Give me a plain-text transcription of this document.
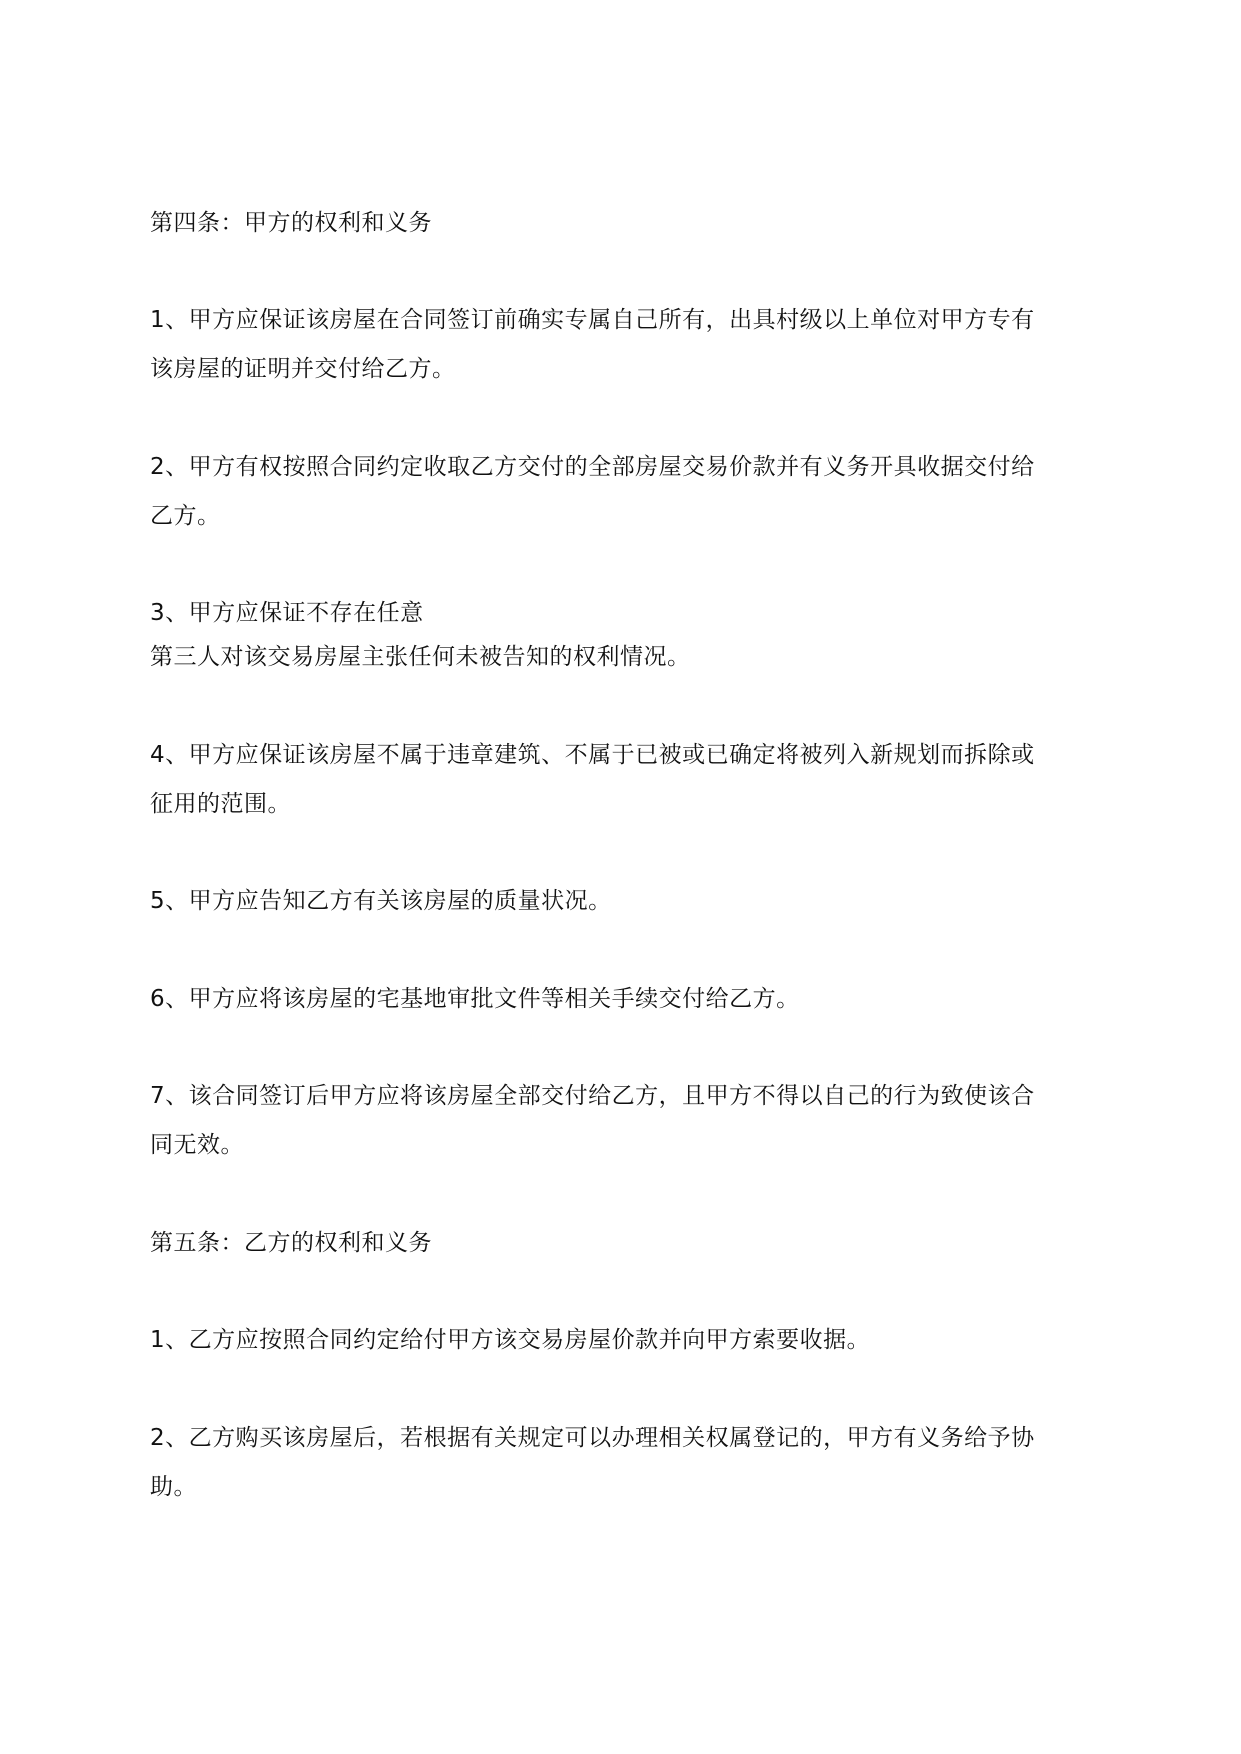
第四条：甲方的权利和义务
1、甲方应保证该房屋在合同签订前确实专属自己所有，出具村级以上单位对甲方专有
该房屋的证明并交付给乙方。
2、甲方有权按照合同约定收取乙方交付的全部房屋交易价款并有义务开具收据交付给
乙方。
3、甲方应保证不存在任意
第三人对该交易房屋主张任何未被告知的权利情况。
4、甲方应保证该房屋不属于违章建筑、不属于已被或已确定将被列入新规划而拆除或
征用的范围。
5、甲方应告知乙方有关该房屋的质量状况。
6、甲方应将该房屋的宅基地审批文件等相关手续交付给乙方。
7、该合同签订后甲方应将该房屋全部交付给乙方，且甲方不得以自己的行为致使该合
同无效。
第五条：乙方的权利和义务
1、乙方应按照合同约定给付甲方该交易房屋价款并向甲方索要收据。
2、乙方购买该房屋后，若根据有关规定可以办理相关权属登记的，甲方有义务给予协
助。
